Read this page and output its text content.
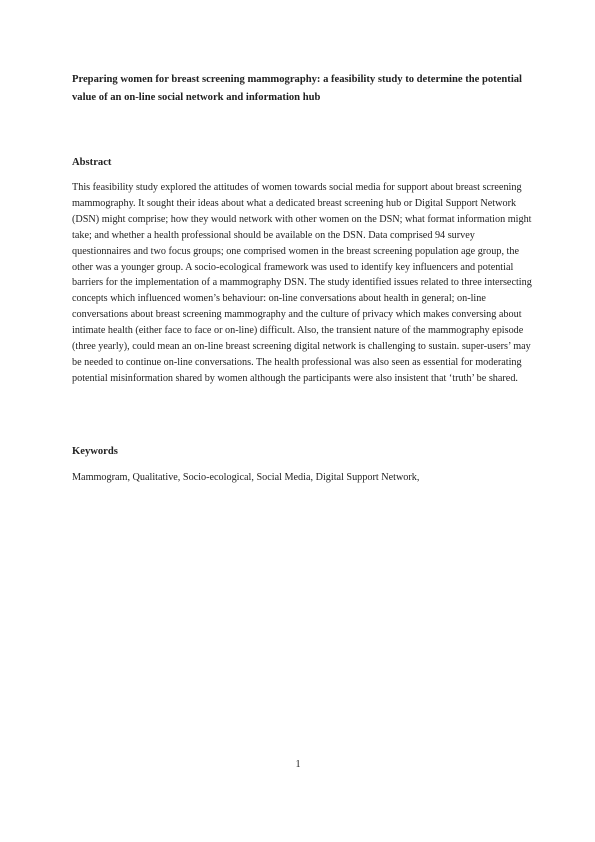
Preparing women for breast screening mammography: a feasibility study to determine the potential value of an on-line social network and information hub
Abstract

This feasibility study explored the attitudes of women towards social media for support about breast screening mammography. It sought their ideas about what a dedicated breast screening hub or Digital Support Network (DSN) might comprise; how they would network with other women on the DSN; what format information might take; and whether a health professional should be available on the DSN. Data comprised 94 survey questionnaires and two focus groups; one comprised women in the breast screening population age group, the other was a younger group. A socio-ecological framework was used to identify key influencers and potential barriers for the implementation of a mammography DSN. The study identified issues related to three intersecting concepts which influenced women’s behaviour: on-line conversations about health in general; on-line conversations about breast screening mammography and the culture of privacy which makes conversing about intimate health (either face to face or on-line) difficult. Also, the transient nature of the mammography episode (three yearly), could mean an on-line breast screening digital network is challenging to sustain. super-users’ may be needed to continue on-line conversations. The health professional was also seen as essential for moderating potential misinformation shared by women although the participants were also insistent that ‘truth’ be shared.

Keywords

Mammogram, Qualitative, Socio-ecological, Social Media, Digital Support Network,

1
